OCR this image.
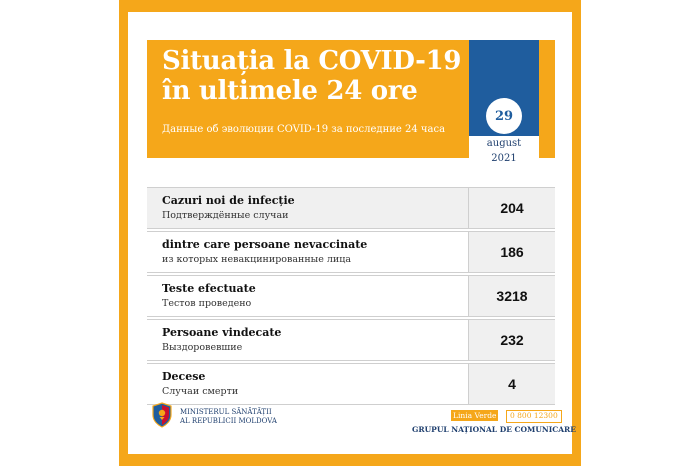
Situația la COVID-19
în ultimele 24 ore
Данные об эволюции COVID-19 за последние 24 часа
29
august
2021
Cazuri noi de infecție
Подтверждённые случаи	204
dintre care persoane nevaccinate
из которых невакцинированные лица	186
Teste efectuate
Тестов проведено	3218
Persoane vindecate
Выздоровевшие	232
Decese
Случаи смерти	4
MINISTERUL SĂNĂTĂȚII
AL REPUBLICII MOLDOVA
Linia Verde	0 800 12300
GRUPUL NAȚIONAL DE COMUNICARE
